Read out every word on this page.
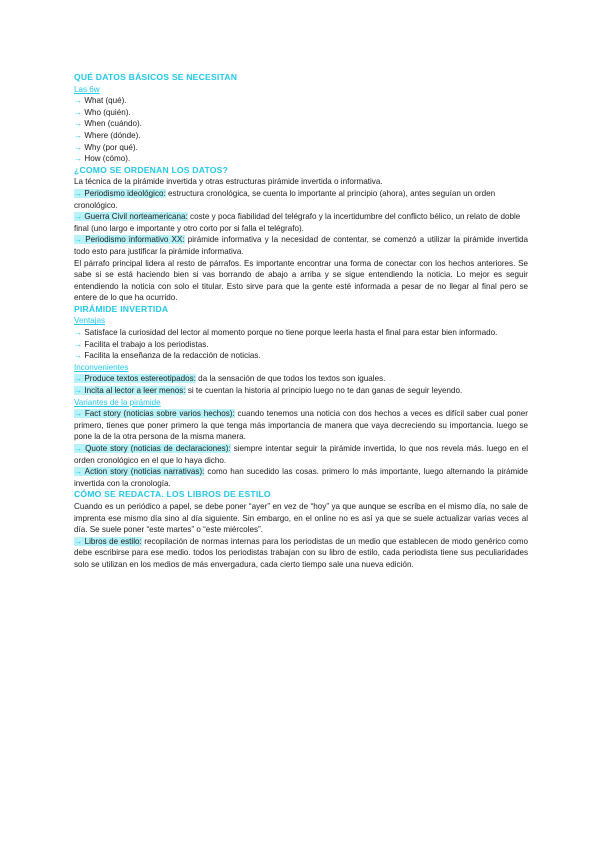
QUÉ DATOS BÁSICOS SE NECESITAN

Las 6w

→ What (qué).

→ Who (quién).

→ When (cuándo).

→ Where (dónde).

→ Why (por qué).

→ How (cómo).

¿COMO SE ORDENAN LOS DATOS?

La técnica de la pirámide invertida y otras estructuras pirámide invertida o informativa.

→ Periodismo ideológico: estructura cronológica, se cuenta lo importante al principio (ahora), antes seguían un orden cronológico.

→ Guerra Civil norteamericana: coste y poca fiabilidad del telégrafo y la incertidumbre del conflicto bélico, un relato de doble final (uno largo e importante y otro corto por si falla el telégrafo).

→ Periodismo informativo XX: pirámide informativa y la necesidad de contentar, se comenzó a utilizar la pirámide invertida todo esto para justificar la pirámide informativa.

El párrafo principal lidera al resto de párrafos. Es importante encontrar una forma de conectar con los hechos anteriores. Se sabe si se está haciendo bien si vas borrando de abajo a arriba y se sigue entendiendo la noticia. Lo mejor es seguir entendiendo la noticia con solo el titular. Esto sirve para que la gente esté informada a pesar de no llegar al final pero se entere de lo que ha ocurrido.

PIRÁMIDE INVERTIDA

Ventajas

→ Satisface la curiosidad del lector al momento porque no tiene porque leerla hasta el final para estar bien informado.

→ Facilita el trabajo a los periodistas.

→ Facilita la enseñanza de la redacción de noticias.

Inconvenientes

→ Produce textos estereotipados: da la sensación de que todos los textos son iguales.

→ Incita al lector a leer menos: si te cuentan la historia al principio luego no te dan ganas de seguir leyendo.

Variantes de la pirámide

→ Fact story (noticias sobre varios hechos): cuando tenemos una noticia con dos hechos a veces es difícil saber cual poner primero, tienes que poner primero la que tenga más importancia de manera que vaya decreciendo su importancia. luego se pone la de la otra persona de la misma manera.

→ Quote story (noticias de declaraciones): siempre intentar seguir la pirámide invertida, lo que nos revela más. luego en el orden cronológico en el que lo haya dicho.

→ Action story (noticias narrativas): como han sucedido las cosas. primero lo más importante, luego alternando la pirámide invertida con la cronología.

CÓMO SE REDACTA. LOS LIBROS DE ESTILO

Cuando es un periódico a papel, se debe poner “ayer” en vez de “hoy” ya que aunque se escriba en el mismo día, no sale de imprenta ese mismo día sino al día siguiente. Sin embargo, en el online no es así ya que se suele actualizar varias veces al día. Se suele poner “este martes” o “este miércoles”.

→ Libros de estilo: recopilación de normas internas para los periodistas de un medio que establecen de modo genérico como debe escribirse para ese medio. todos los periodistas trabajan con su libro de estilo, cada periodista tiene sus peculiaridades solo se utilizan en los medios de más envergadura, cada cierto tiempo sale una nueva edición.
